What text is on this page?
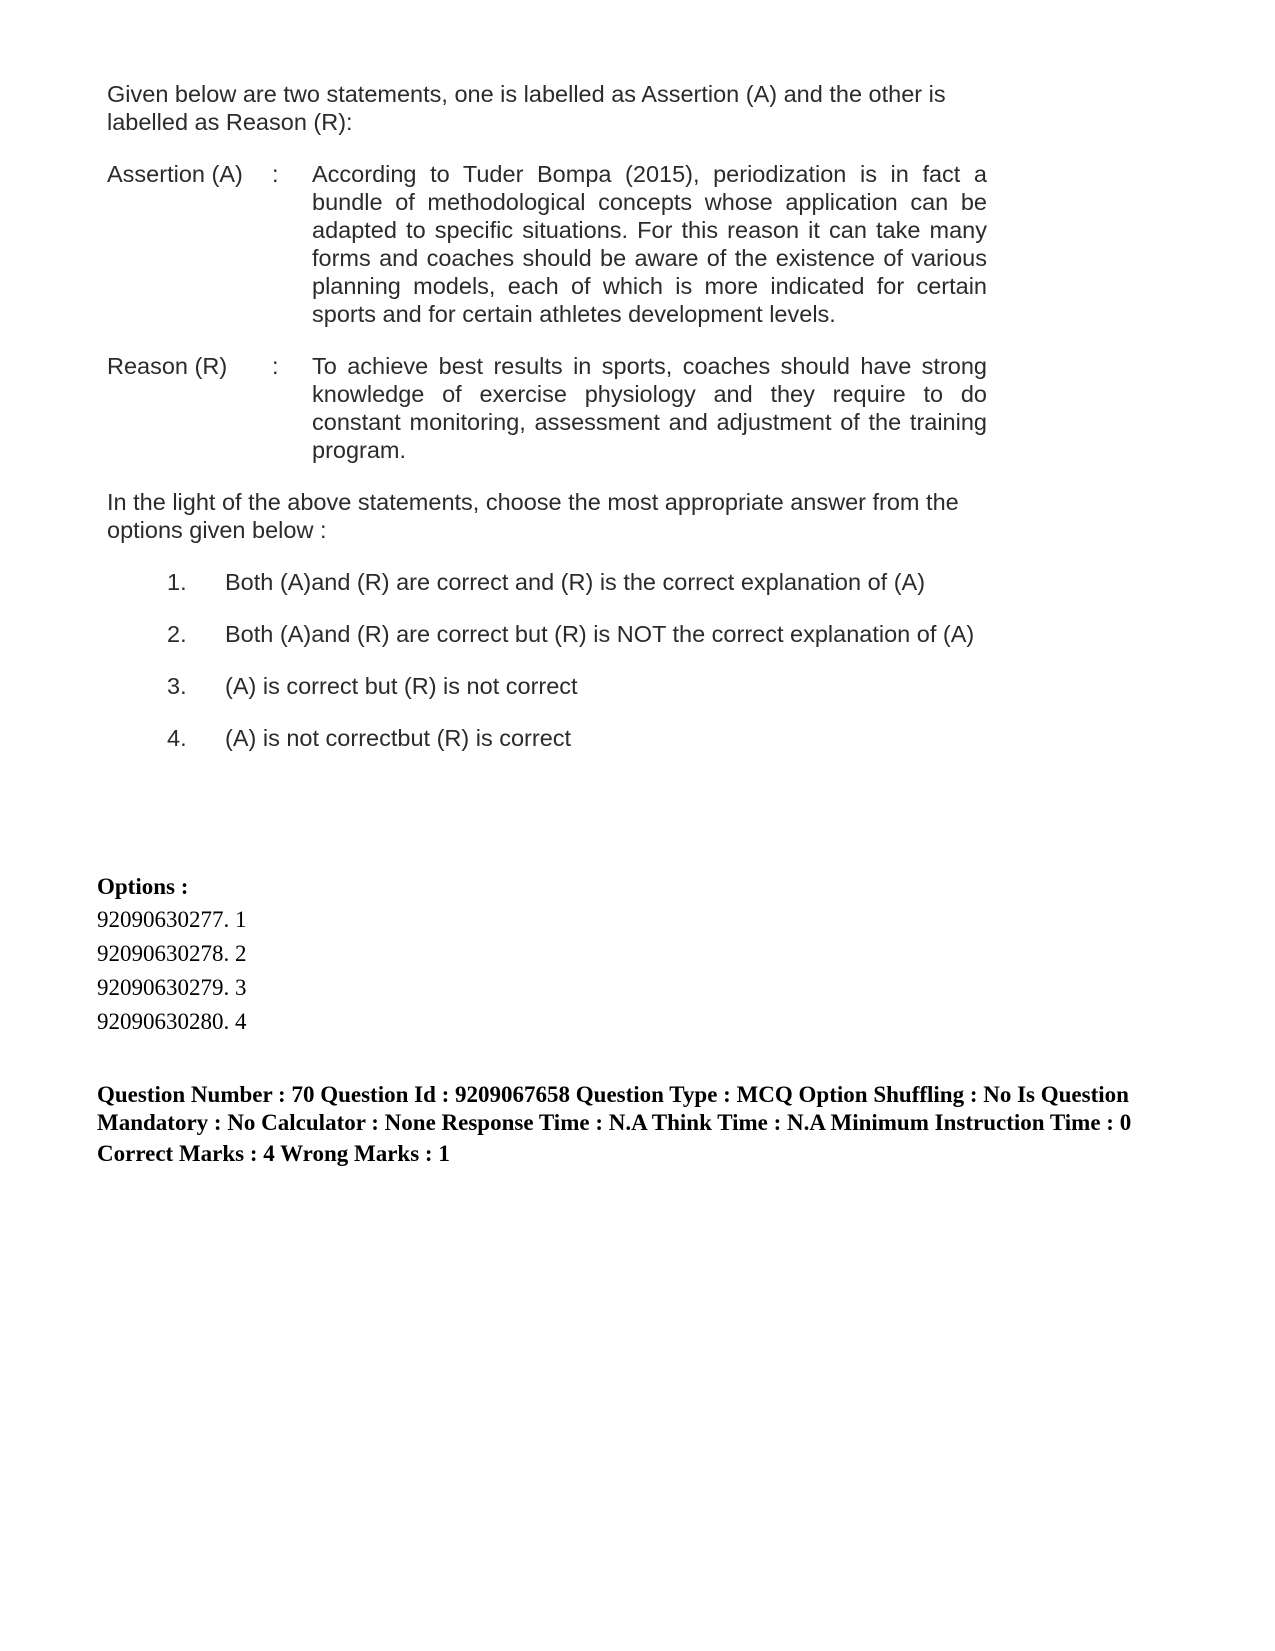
Given below are two statements, one is labelled as Assertion (A) and the other is labelled as Reason (R):

Assertion (A)	:	According to Tuder Bompa (2015), periodization is in fact a bundle of methodological concepts whose application can be adapted to specific situations. For this reason it can take many forms and coaches should be aware of the existence of various planning models, each of which is more indicated for certain sports and for certain athletes development levels.
Reason (R)	:	To achieve best results in sports, coaches should have strong knowledge of exercise physiology and they require to do constant monitoring, assessment and adjustment of the training program.

In the light of the above statements, choose the most appropriate answer from the options given below :

1.	Both (A)and (R) are correct and (R) is the correct explanation of (A)
2.	Both (A)and (R) are correct but (R) is NOT the correct explanation of (A)
3.	(A) is correct but (R) is not correct
4.	(A) is not correctbut (R) is correct
Options :
92090630277. 1
92090630278. 2
92090630279. 3
92090630280. 4
Question Number : 70 Question Id : 9209067658 Question Type : MCQ Option Shuffling : No Is Question Mandatory : No Calculator : None Response Time : N.A Think Time : N.A Minimum Instruction Time : 0
Correct Marks : 4 Wrong Marks : 1
